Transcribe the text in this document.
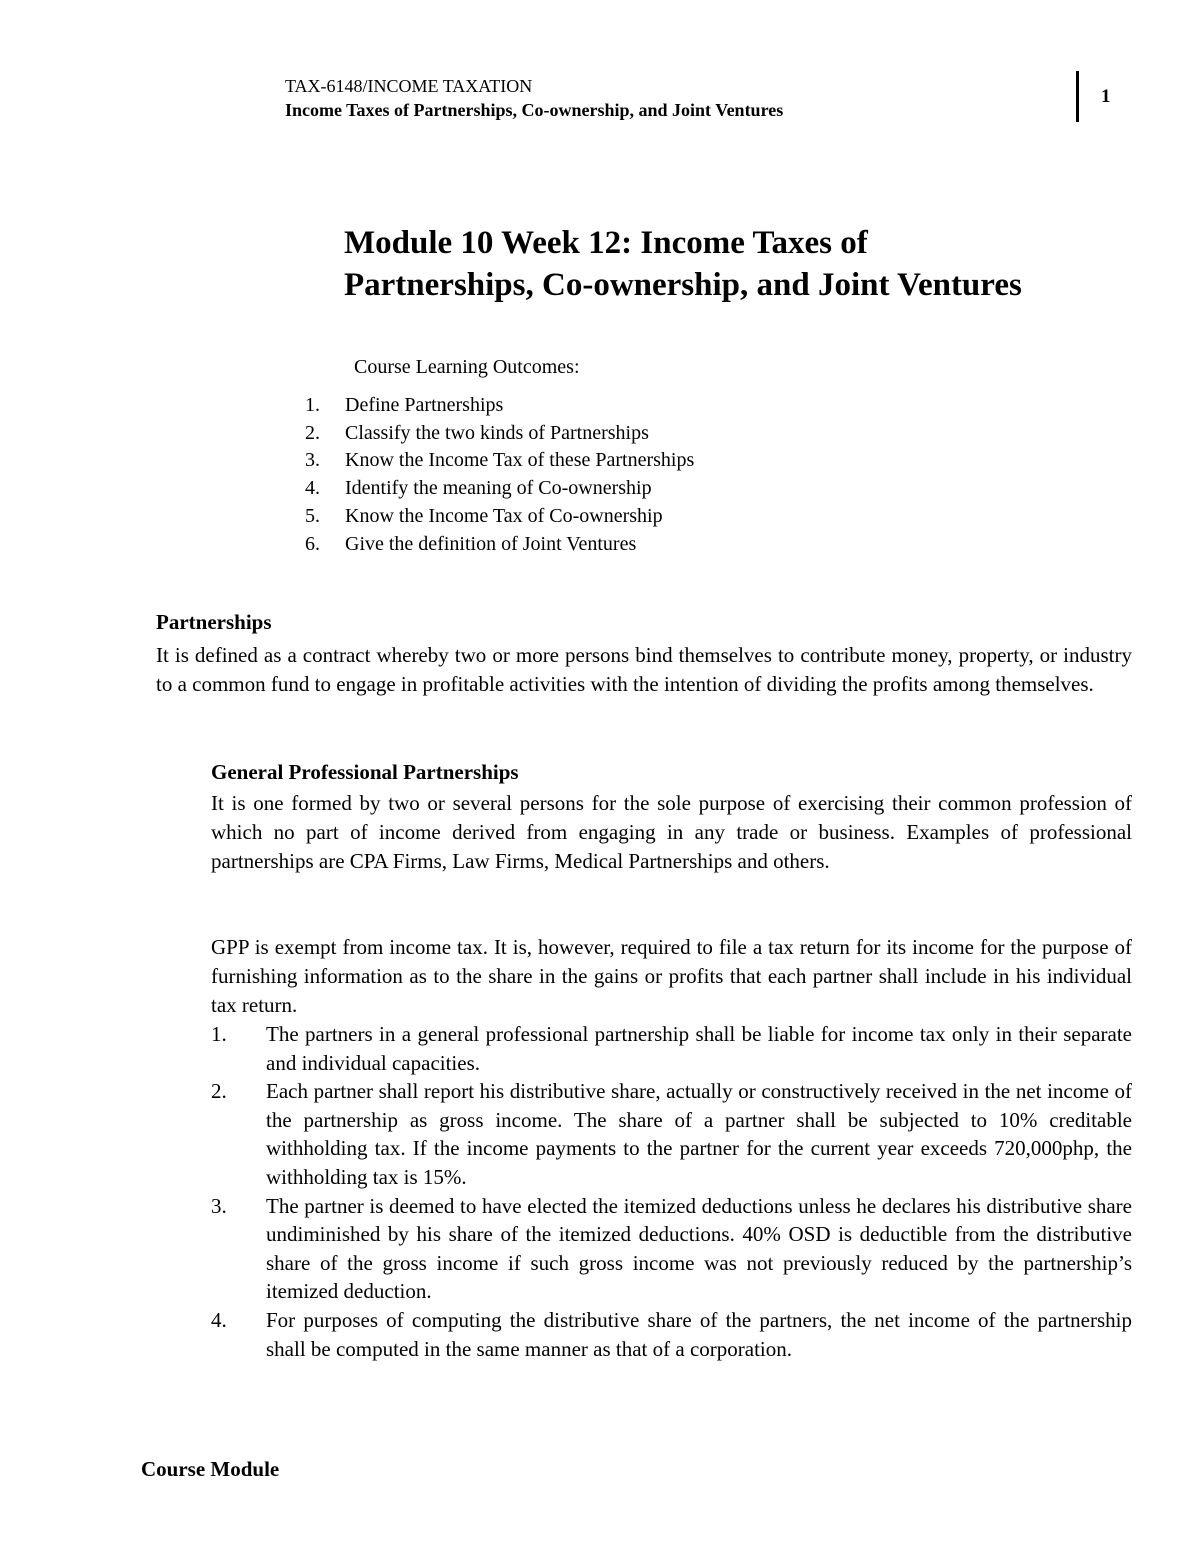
TAX-6148/INCOME TAXATION
Income Taxes of Partnerships, Co-ownership, and Joint Ventures
1
Module 10 Week 12: Income Taxes of
Partnerships, Co-ownership, and Joint Ventures
Course Learning Outcomes:
1.	Define Partnerships
2.	Classify the two kinds of Partnerships
3.	Know the Income Tax of these Partnerships
4.	Identify the meaning of Co-ownership
5.	Know the Income Tax of Co-ownership
6.	Give the definition of Joint Ventures
Partnerships

It is defined as a contract whereby two or more persons bind themselves to contribute money, property, or industry to a common fund to engage in profitable activities with the intention of dividing the profits among themselves.

General Professional Partnerships

It is one formed by two or several persons for the sole purpose of exercising their common profession of which no part of income derived from engaging in any trade or business. Examples of professional partnerships are CPA Firms, Law Firms, Medical Partnerships and others.

GPP is exempt from income tax. It is, however, required to file a tax return for its income for the purpose of furnishing information as to the share in the gains or profits that each partner shall include in his individual tax return.

1.	The partners in a general professional partnership shall be liable for income tax only in their separate and individual capacities.
2.	Each partner shall report his distributive share, actually or constructively received in the net income of the partnership as gross income. The share of a partner shall be subjected to 10% creditable withholding tax. If the income payments to the partner for the current year exceeds 720,000php, the withholding tax is 15%.
3.	The partner is deemed to have elected the itemized deductions unless he declares his distributive share undiminished by his share of the itemized deductions. 40% OSD is deductible from the distributive share of the gross income if such gross income was not previously reduced by the partnership’s itemized deduction.
4.	For purposes of computing the distributive share of the partners, the net income of the partnership shall be computed in the same manner as that of a corporation.
Course Module
